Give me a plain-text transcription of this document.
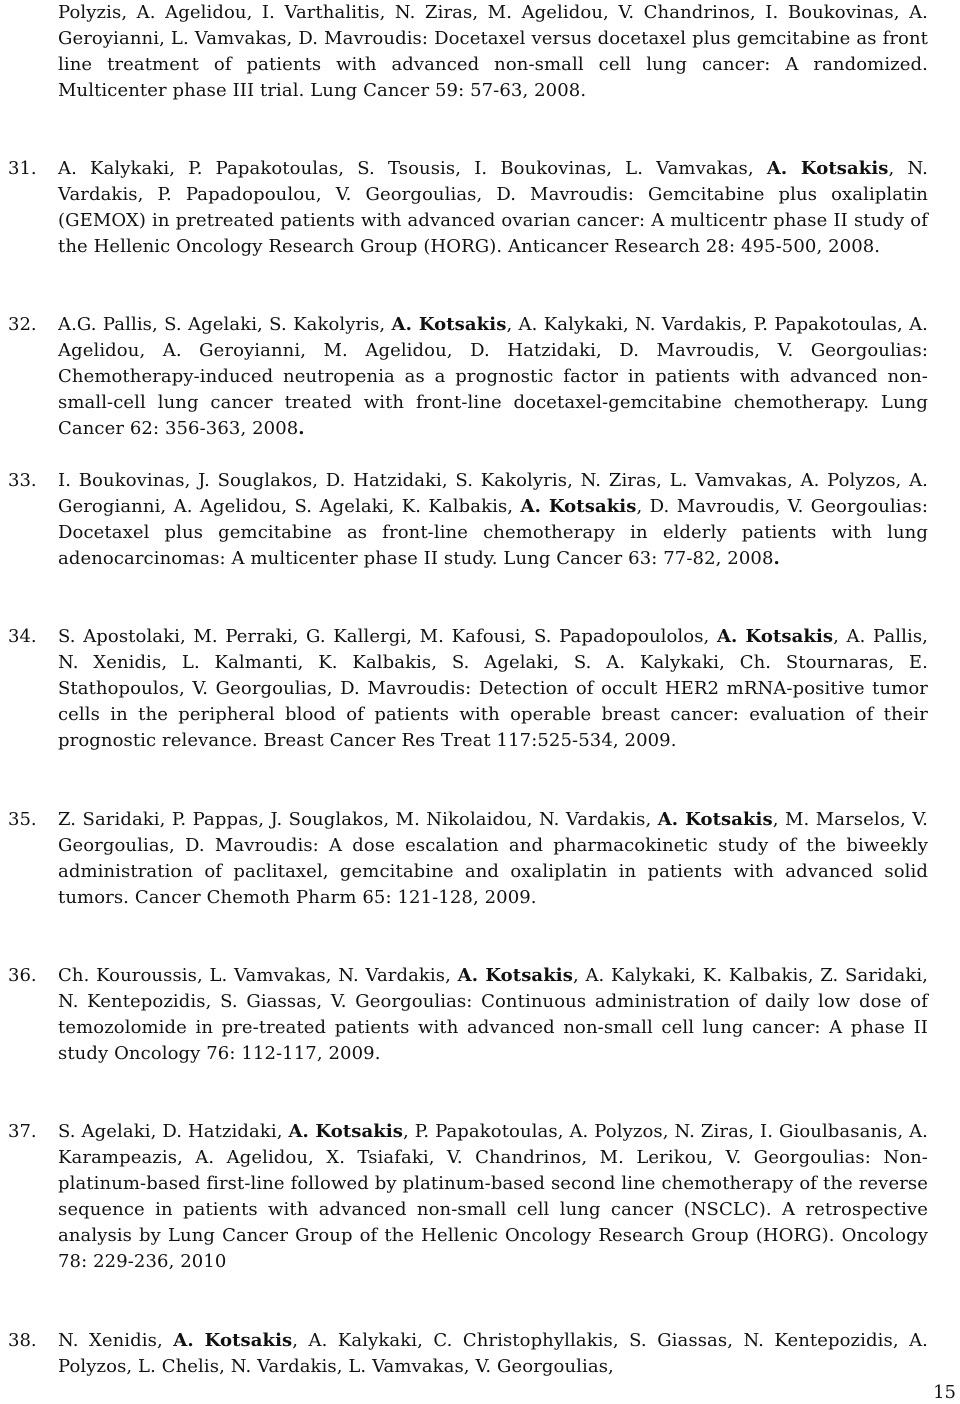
Polyzis, A. Agelidou, I. Varthalitis, N. Ziras, M. Agelidou, V. Chandrinos, I. Boukovinas, A. Geroyianni, L. Vamvakas, D. Mavroudis: Docetaxel versus docetaxel plus gemcitabine as front line treatment of patients with advanced non-small cell lung cancer: A randomized. Multicenter phase III trial. Lung Cancer 59: 57-63, 2008.
31. A. Kalykaki, P. Papakotoulas, S. Tsousis, I. Boukovinas, L. Vamvakas, A. Kotsakis, N. Vardakis, P. Papadopoulou, V. Georgoulias, D. Mavroudis: Gemcitabine plus oxaliplatin (GEMOX) in pretreated patients with advanced ovarian cancer: A multicentr phase II study of the Hellenic Oncology Research Group (HORG). Anticancer Research 28: 495-500, 2008.
32. A.G. Pallis, S. Agelaki, S. Kakolyris, A. Kotsakis, A. Kalykaki, N. Vardakis, P. Papakotoulas, A. Agelidou, A. Geroyianni, M. Agelidou, D. Hatzidaki, D. Mavroudis, V. Georgoulias: Chemotherapy-induced neutropenia as a prognostic factor in patients with advanced non-small-cell lung cancer treated with front-line docetaxel-gemcitabine chemotherapy. Lung Cancer 62: 356-363, 2008.
33. I. Boukovinas, J. Souglakos, D. Hatzidaki, S. Kakolyris, N. Ziras, L. Vamvakas, A. Polyzos, A. Gerogianni, A. Agelidou, S. Agelaki, K. Kalbakis, A. Kotsakis, D. Mavroudis, V. Georgoulias: Docetaxel plus gemcitabine as front-line chemotherapy in elderly patients with lung adenocarcinomas: A multicenter phase II study. Lung Cancer 63: 77-82, 2008.
34. S. Apostolaki, M. Perraki, G. Kallergi, M. Kafousi, S. Papadopoulolos, A. Kotsakis, A. Pallis, N. Xenidis, L. Kalmanti, K. Kalbakis, S. Agelaki, S. A. Kalykaki, Ch. Stournaras, E. Stathopoulos, V. Georgoulias, D. Mavroudis: Detection of occult HER2 mRNA-positive tumor cells in the peripheral blood of patients with operable breast cancer: evaluation of their prognostic relevance. Breast Cancer Res Treat 117:525-534, 2009.
35. Z. Saridaki, P. Pappas, J. Souglakos, M. Nikolaidou, N. Vardakis, A. Kotsakis, M. Marselos, V. Georgoulias, D. Mavroudis: A dose escalation and pharmacokinetic study of the biweekly administration of paclitaxel, gemcitabine and oxaliplatin in patients with advanced solid tumors. Cancer Chemoth Pharm 65: 121-128, 2009.
36. Ch. Kouroussis, L. Vamvakas, N. Vardakis, A. Kotsakis, A. Kalykaki, K. Kalbakis, Z. Saridaki, N. Kentepozidis, S. Giassas, V. Georgoulias: Continuous administration of daily low dose of temozolomide in pre-treated patients with advanced non-small cell lung cancer: A phase II study Oncology 76: 112-117, 2009.
37. S. Agelaki, D. Hatzidaki, A. Kotsakis, P. Papakotoulas, A. Polyzos, N. Ziras, I. Gioulbasanis, A. Karampeazis, A. Agelidou, X. Tsiafaki, V. Chandrinos, M. Lerikou, V. Georgoulias: Non-platinum-based first-line followed by platinum-based second line chemotherapy of the reverse sequence in patients with advanced non-small cell lung cancer (NSCLC). A retrospective analysis by Lung Cancer Group of the Hellenic Oncology Research Group (HORG). Oncology 78: 229-236, 2010
38. N. Xenidis, A. Kotsakis, A. Kalykaki, C. Christophyllakis, S. Giassas, N. Kentepozidis, A. Polyzos, L. Chelis, N. Vardakis, L. Vamvakas, V. Georgoulias,
15
